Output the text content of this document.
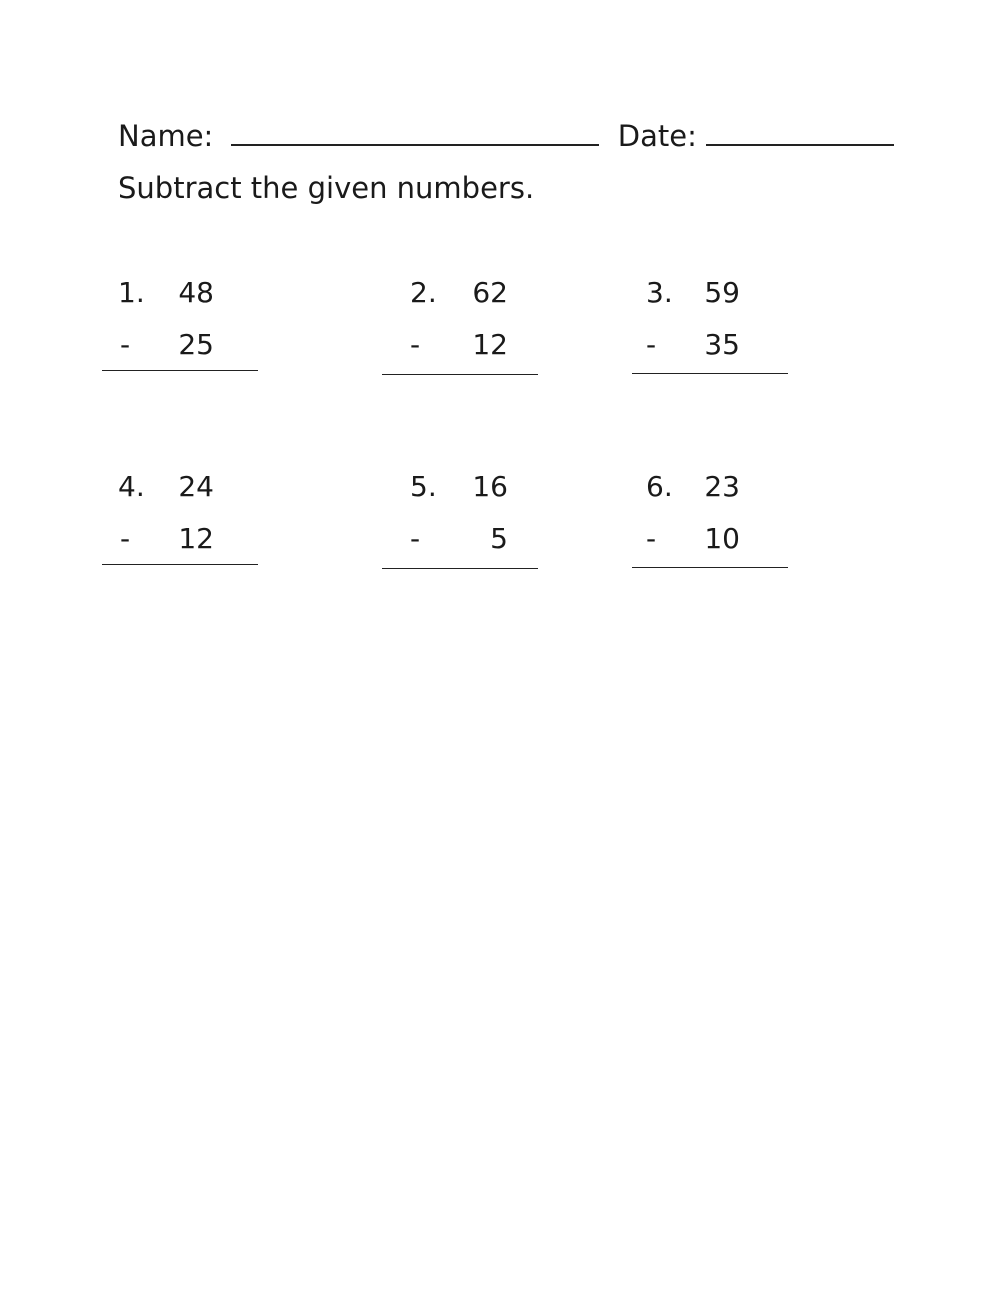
Name:	Date:
Subtract the given numbers.
1. 48
- 25
2. 62
- 12
3. 59
- 35
4. 24
- 12
5. 16
-	5
6. 23
- 10
